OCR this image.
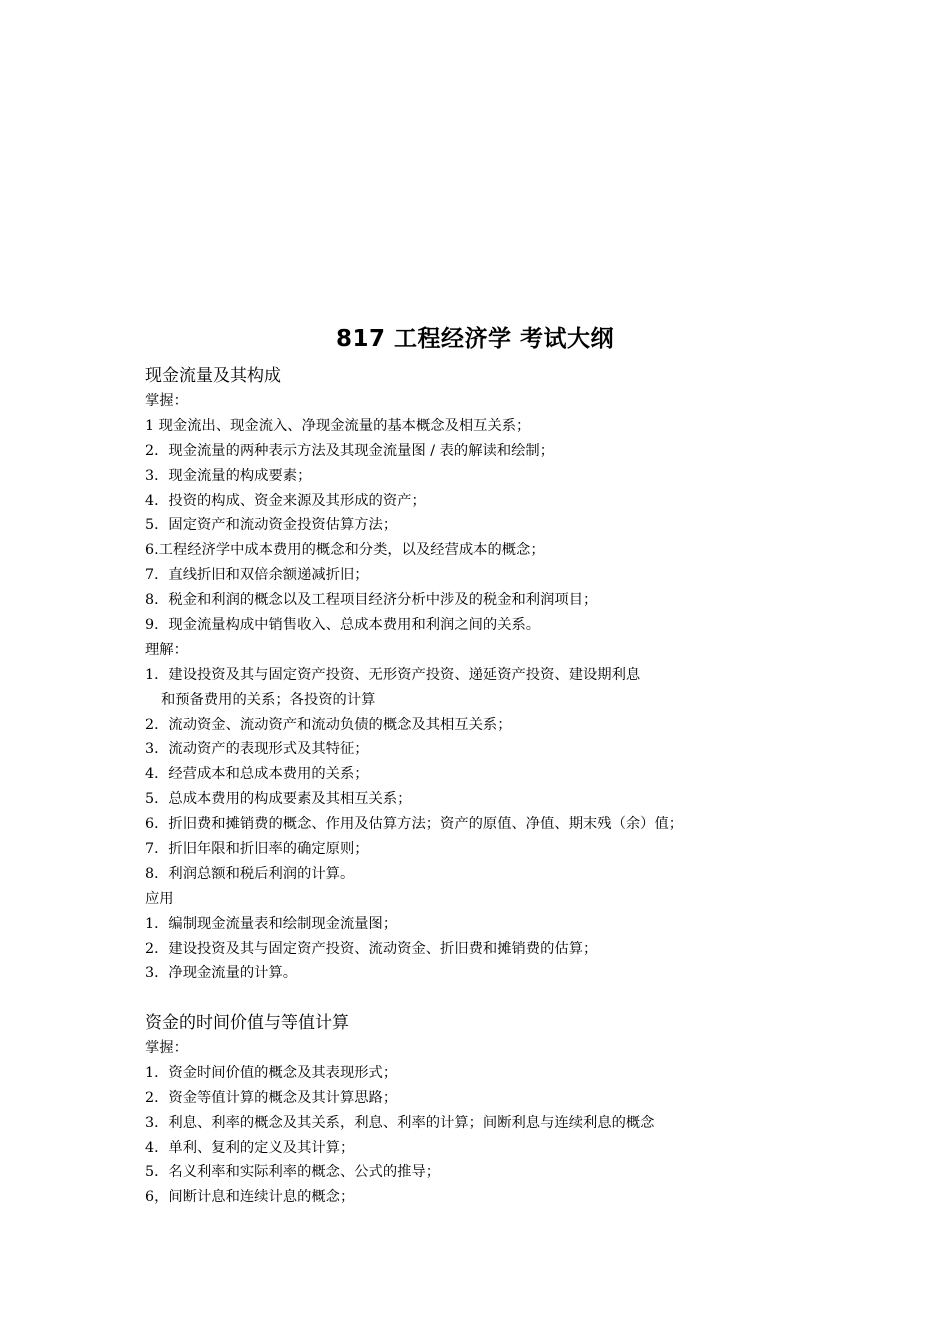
817 工程经济学 考试大纲
现金流量及其构成
掌握：
1 现金流出、现金流入、净现金流量的基本概念及相互关系；
2．现金流量的两种表示方法及其现金流量图 / 表的解读和绘制；
3．现金流量的构成要素；
4．投资的构成、资金来源及其形成的资产；
5．固定资产和流动资金投资估算方法；
6.工程经济学中成本费用的概念和分类，以及经营成本的概念；
7．直线折旧和双倍余额递减折旧；
8．税金和利润的概念以及工程项目经济分析中涉及的税金和利润项目；
9．现金流量构成中销售收入、总成本费用和利润之间的关系。
理解：
1．建设投资及其与固定资产投资、无形资产投资、递延资产投资、建设期利息
和预备费用的关系；各投资的计算
2．流动资金、流动资产和流动负债的概念及其相互关系；
3．流动资产的表现形式及其特征；
4．经营成本和总成本费用的关系；
5．总成本费用的构成要素及其相互关系；
6．折旧费和摊销费的概念、作用及估算方法；资产的原值、净值、期末残（余）值；
7．折旧年限和折旧率的确定原则；
8．利润总额和税后利润的计算。
应用
1．编制现金流量表和绘制现金流量图；
2．建设投资及其与固定资产投资、流动资金、折旧费和摊销费的估算；
3．净现金流量的计算。
资金的时间价值与等值计算
掌握：
1．资金时间价值的概念及其表现形式；
2．资金等值计算的概念及其计算思路；
3．利息、利率的概念及其关系，利息、利率的计算；间断利息与连续利息的概念
4．单利、复利的定义及其计算；
5．名义利率和实际利率的概念、公式的推导；
6，间断计息和连续计息的概念；
